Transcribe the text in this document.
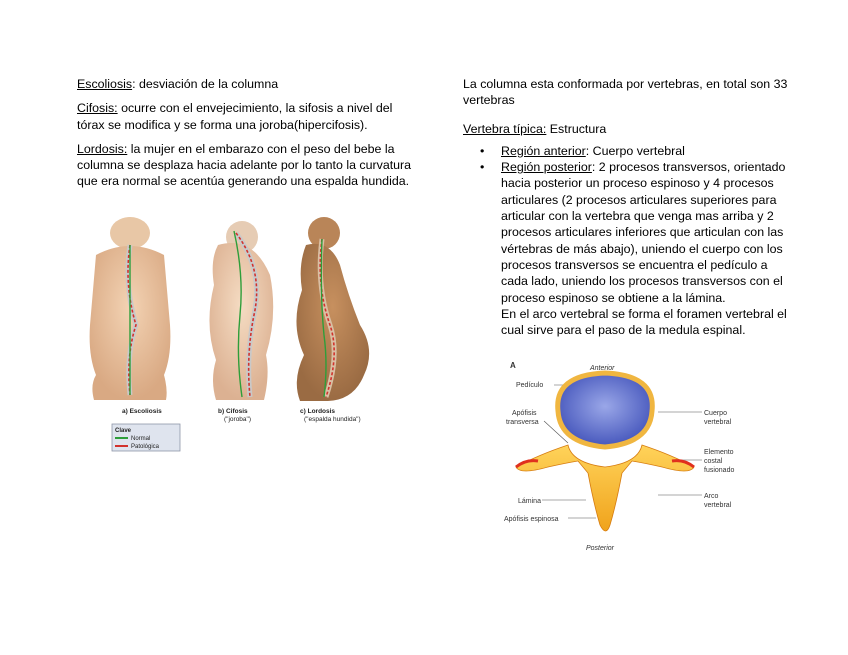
Escoliosis: desviación de la columna

Cifosis: ocurre con el envejecimiento, la sifosis a nivel del tórax se modifica y se forma una joroba(hipercifosis).

Lordosis: la mujer en el embarazo con el peso del bebe la columna se desplaza hacia adelante por lo tanto la curvatura que era normal se acentúa generando una espalda hundida.

a) Escoliosis	b) Cifosis
("joroba")
c) Lordosis
("espalda hundida")
Clave
Normal
Patológica

La columna esta conformada por vertebras, en total son 33 vertebras

Vertebra típica: Estructura

• Región anterior: Cuerpo vertebral
• Región posterior: 2 procesos transversos, orientado hacia posterior un proceso espinoso y 4 procesos articulares (2 procesos articulares superiores para articular con la vertebra que venga mas arriba y 2 procesos articulares inferiores que articulan con las vértebras de más abajo), uniendo el cuerpo con los procesos transversos se encuentra el pedículo a cada lado, uniendo los procesos transversos con el proceso espinoso se obtiene a la lámina.

En el arco vertebral se forma el foramen vertebral el cual sirve para el paso de la medula espinal.

A	Anterior
Posterior
Pedículo
Apófisis
transversa
Cuerpo
vertebral
Elemento
costal
fusionado
Lámina
Arco
vertebral
Apófisis espinosa
